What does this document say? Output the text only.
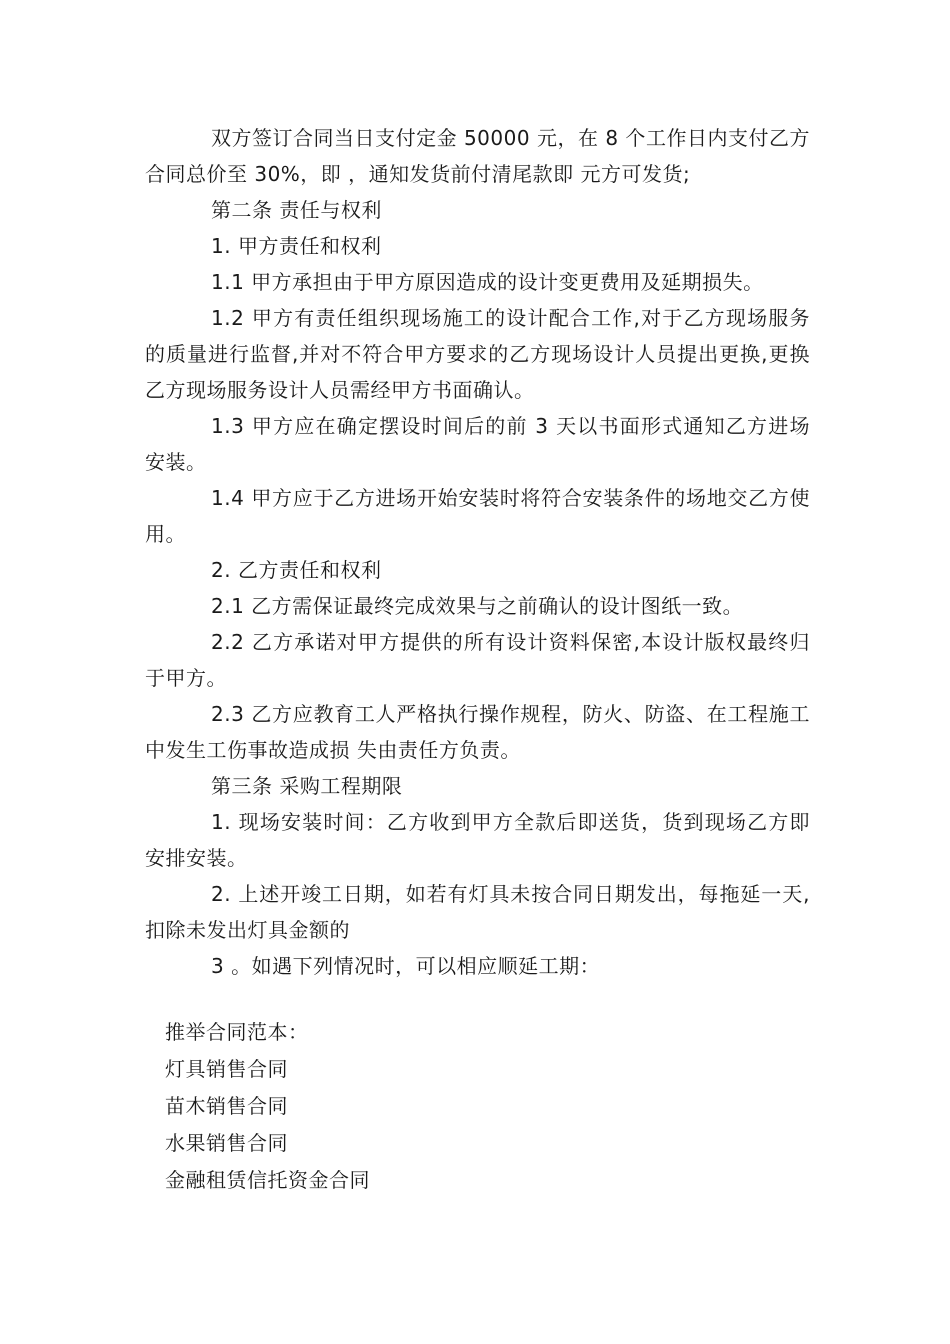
双方签订合同当日支付定金 50000 元，在 8 个工作日内支付乙方合同总价至 30%，即 ，通知发货前付清尾款即 元方可发货;

第二条 责任与权利

1. 甲方责任和权利

1.1 甲方承担由于甲方原因造成的设计变更费用及延期损失。

1.2 甲方有责任组织现场施工的设计配合工作,对于乙方现场服务的质量进行监督,并对不符合甲方要求的乙方现场设计人员提出更换,更换乙方现场服务设计人员需经甲方书面确认。

1.3 甲方应在确定摆设时间后的前 3 天以书面形式通知乙方进场安装。

1.4 甲方应于乙方进场开始安装时将符合安装条件的场地交乙方使用。

2. 乙方责任和权利

2.1 乙方需保证最终完成效果与之前确认的设计图纸一致。

2.2 乙方承诺对甲方提供的所有设计资料保密,本设计版权最终归于甲方。

2.3 乙方应教育工人严格执行操作规程，防火、防盗、在工程施工中发生工伤事故造成损 失由责任方负责。

第三条 采购工程期限

1. 现场安装时间：乙方收到甲方全款后即送货，货到现场乙方即安排安装。

2. 上述开竣工日期，如若有灯具未按合同日期发出，每拖延一天,扣除未发出灯具金额的

3 。如遇下列情况时，可以相应顺延工期：

推举合同范本：

灯具销售合同
苗木销售合同
水果销售合同
金融租赁信托资金合同
